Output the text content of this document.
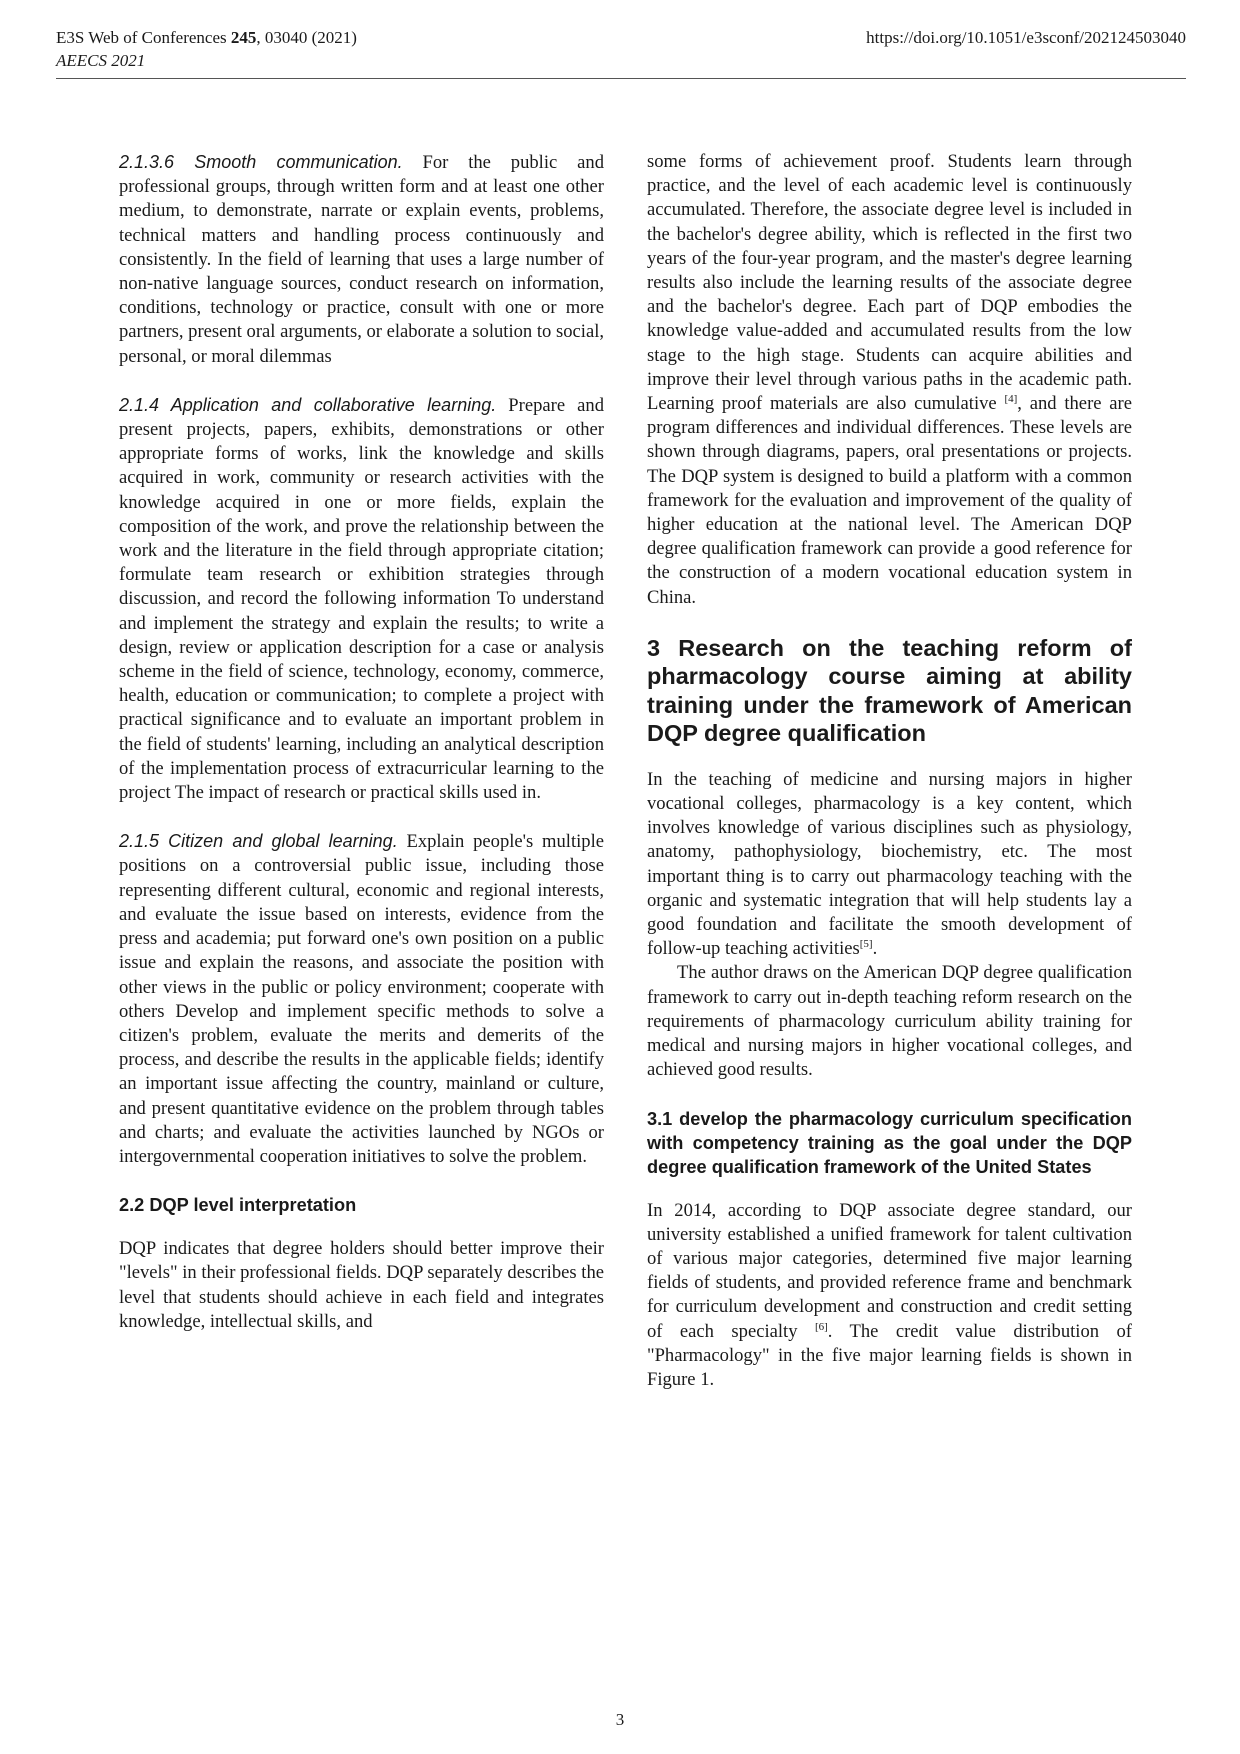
E3S Web of Conferences 245, 03040 (2021)
AEECS 2021
https://doi.org/10.1051/e3sconf/202124503040

2.1.3.6 Smooth communication. For the public and professional groups, through written form and at least one other medium, to demonstrate, narrate or explain events, problems, technical matters and handling process continuously and consistently. In the field of learning that uses a large number of non-native language sources, conduct research on information, conditions, technology or practice, consult with one or more partners, present oral arguments, or elaborate a solution to social, personal, or moral dilemmas

2.1.4 Application and collaborative learning. Prepare and present projects, papers, exhibits, demonstrations or other appropriate forms of works, link the knowledge and skills acquired in work, community or research activities with the knowledge acquired in one or more fields, explain the composition of the work, and prove the relationship between the work and the literature in the field through appropriate citation; formulate team research or exhibition strategies through discussion, and record the following information To understand and implement the strategy and explain the results; to write a design, review or application description for a case or analysis scheme in the field of science, technology, economy, commerce, health, education or communication; to complete a project with practical significance and to evaluate an important problem in the field of students' learning, including an analytical description of the implementation process of extracurricular learning to the project The impact of research or practical skills used in.

2.1.5 Citizen and global learning. Explain people's multiple positions on a controversial public issue, including those representing different cultural, economic and regional interests, and evaluate the issue based on interests, evidence from the press and academia; put forward one's own position on a public issue and explain the reasons, and associate the position with other views in the public or policy environment; cooperate with others Develop and implement specific methods to solve a citizen's problem, evaluate the merits and demerits of the process, and describe the results in the applicable fields; identify an important issue affecting the country, mainland or culture, and present quantitative evidence on the problem through tables and charts; and evaluate the activities launched by NGOs or intergovernmental cooperation initiatives to solve the problem.

2.2 DQP level interpretation

DQP indicates that degree holders should better improve their "levels" in their professional fields. DQP separately describes the level that students should achieve in each field and integrates knowledge, intellectual skills, and

some forms of achievement proof. Students learn through practice, and the level of each academic level is continuously accumulated. Therefore, the associate degree level is included in the bachelor's degree ability, which is reflected in the first two years of the four-year program, and the master's degree learning results also include the learning results of the associate degree and the bachelor's degree. Each part of DQP embodies the knowledge value-added and accumulated results from the low stage to the high stage. Students can acquire abilities and improve their level through various paths in the academic path. Learning proof materials are also cumulative [4], and there are program differences and individual differences. These levels are shown through diagrams, papers, oral presentations or projects. The DQP system is designed to build a platform with a common framework for the evaluation and improvement of the quality of higher education at the national level. The American DQP degree qualification framework can provide a good reference for the construction of a modern vocational education system in China.

3 Research on the teaching reform of pharmacology course aiming at ability training under the framework of American DQP degree qualification

In the teaching of medicine and nursing majors in higher vocational colleges, pharmacology is a key content, which involves knowledge of various disciplines such as physiology, anatomy, pathophysiology, biochemistry, etc. The most important thing is to carry out pharmacology teaching with the organic and systematic integration that will help students lay a good foundation and facilitate the smooth development of follow-up teaching activities[5].

The author draws on the American DQP degree qualification framework to carry out in-depth teaching reform research on the requirements of pharmacology curriculum ability training for medical and nursing majors in higher vocational colleges, and achieved good results.

3.1 develop the pharmacology curriculum specification with competency training as the goal under the DQP degree qualification framework of the United States

In 2014, according to DQP associate degree standard, our university established a unified framework for talent cultivation of various major categories, determined five major learning fields of students, and provided reference frame and benchmark for curriculum development and construction and credit setting of each specialty [6]. The credit value distribution of "Pharmacology" in the five major learning fields is shown in Figure 1.

3
